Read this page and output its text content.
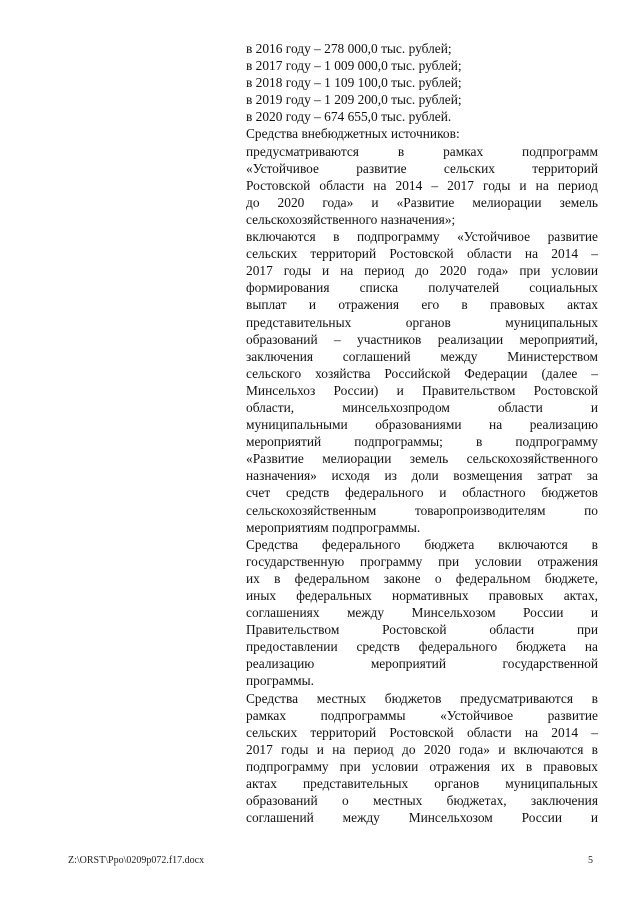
в 2016 году – 278 000,0 тыс. рублей;
в 2017 году – 1 009 000,0 тыс. рублей;
в 2018 году – 1 109 100,0 тыс. рублей;
в 2019 году – 1 209 200,0 тыс. рублей;
в 2020 году – 674 655,0 тыс. рублей.
Средства внебюджетных источников:
предусматриваются в рамках подпрограмм
«Устойчивое развитие сельских территорий
Ростовской области на 2014 – 2017 годы и на период
до 2020 года» и «Развитие мелиорации земель
сельскохозяйственного назначения»;
включаются в подпрограмму «Устойчивое развитие
сельских территорий Ростовской области на 2014 –
2017 годы и на период до 2020 года» при условии
формирования списка получателей социальных
выплат и отражения его в правовых актах
представительных органов муниципальных
образований – участников реализации мероприятий,
заключения соглашений между Министерством
сельского хозяйства Российской Федерации (далее –
Минсельхоз России) и Правительством Ростовской
области, минсельхозпродом области и
муниципальными образованиями на реализацию
мероприятий подпрограммы; в подпрограмму
«Развитие мелиорации земель сельскохозяйственного
назначения» исходя из доли возмещения затрат за
счет средств федерального и областного бюджетов
сельскохозяйственным товаропроизводителям по
мероприятиям подпрограммы.
Средства федерального бюджета включаются в
государственную программу при условии отражения
их в федеральном законе о федеральном бюджете,
иных федеральных нормативных правовых актах,
соглашениях между Минсельхозом России и
Правительством Ростовской области при
предоставлении средств федерального бюджета на
реализацию мероприятий государственной
программы.
Средства местных бюджетов предусматриваются в
рамках подпрограммы «Устойчивое развитие
сельских территорий Ростовской области на 2014 –
2017 годы и на период до 2020 года» и включаются в
подпрограмму при условии отражения их в правовых
актах представительных органов муниципальных
образований о местных бюджетах, заключения
соглашений между Минсельхозом России и
Z:\ORST\Ppo\0209p072.f17.docx	5
